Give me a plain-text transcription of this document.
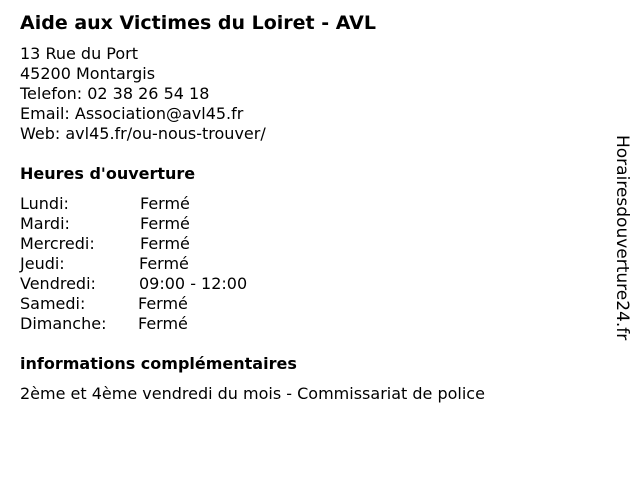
Aide aux Victimes du Loiret - AVL
13 Rue du Port
45200 Montargis
Telefon: 02 38 26 54 18
Email: Association@avl45.fr
Web: avl45.fr/ou-nous-trouver/
Heures d'ouverture
Lundi:	Fermé
Mardi:	Fermé
Mercredi:	Fermé
Jeudi:	Fermé
Vendredi:	09:00 - 12:00
Samedi:	Fermé
Dimanche: Fermé
informations complémentaires
2ème et 4ème vendredi du mois - Commissariat de police
Horairesdouverture24.fr
